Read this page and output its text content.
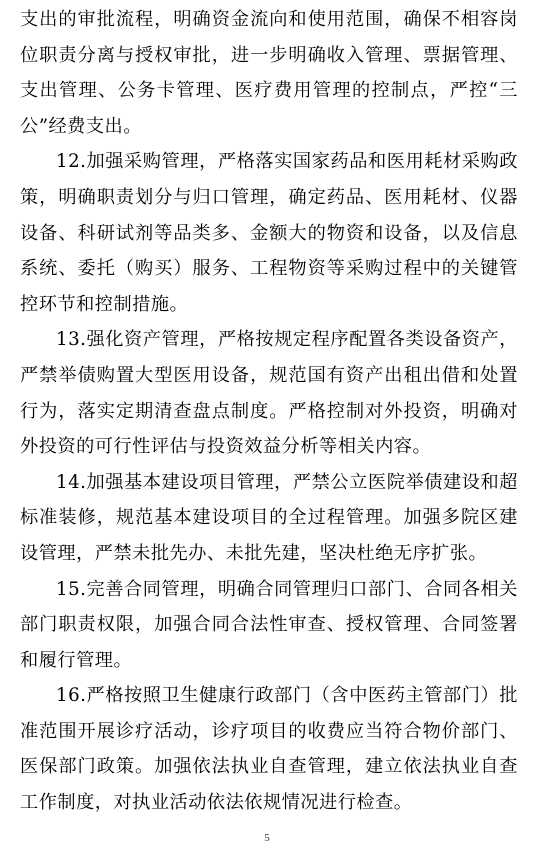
支出的审批流程，明确资金流向和使用范围，确保不相容岗位职责分离与授权审批，进一步明确收入管理、票据管理、支出管理、公务卡管理、医疗费用管理的控制点，严控“三公”经费支出。

12.加强采购管理，严格落实国家药品和医用耗材采购政策，明确职责划分与归口管理，确定药品、医用耗材、仪器设备、科研试剂等品类多、金额大的物资和设备，以及信息系统、委托（购买）服务、工程物资等采购过程中的关键管控环节和控制措施。

13.强化资产管理，严格按规定程序配置各类设备资产，严禁举债购置大型医用设备，规范国有资产出租出借和处置行为，落实定期清查盘点制度。严格控制对外投资，明确对外投资的可行性评估与投资效益分析等相关内容。

14.加强基本建设项目管理，严禁公立医院举债建设和超标准装修，规范基本建设项目的全过程管理。加强多院区建设管理，严禁未批先办、未批先建，坚决杜绝无序扩张。

15.完善合同管理，明确合同管理归口部门、合同各相关部门职责权限，加强合同合法性审查、授权管理、合同签署和履行管理。

16.严格按照卫生健康行政部门（含中医药主管部门）批准范围开展诊疗活动，诊疗项目的收费应当符合物价部门、医保部门政策。加强依法执业自查管理，建立依法执业自查工作制度，对执业活动依法依规情况进行检查。

5
